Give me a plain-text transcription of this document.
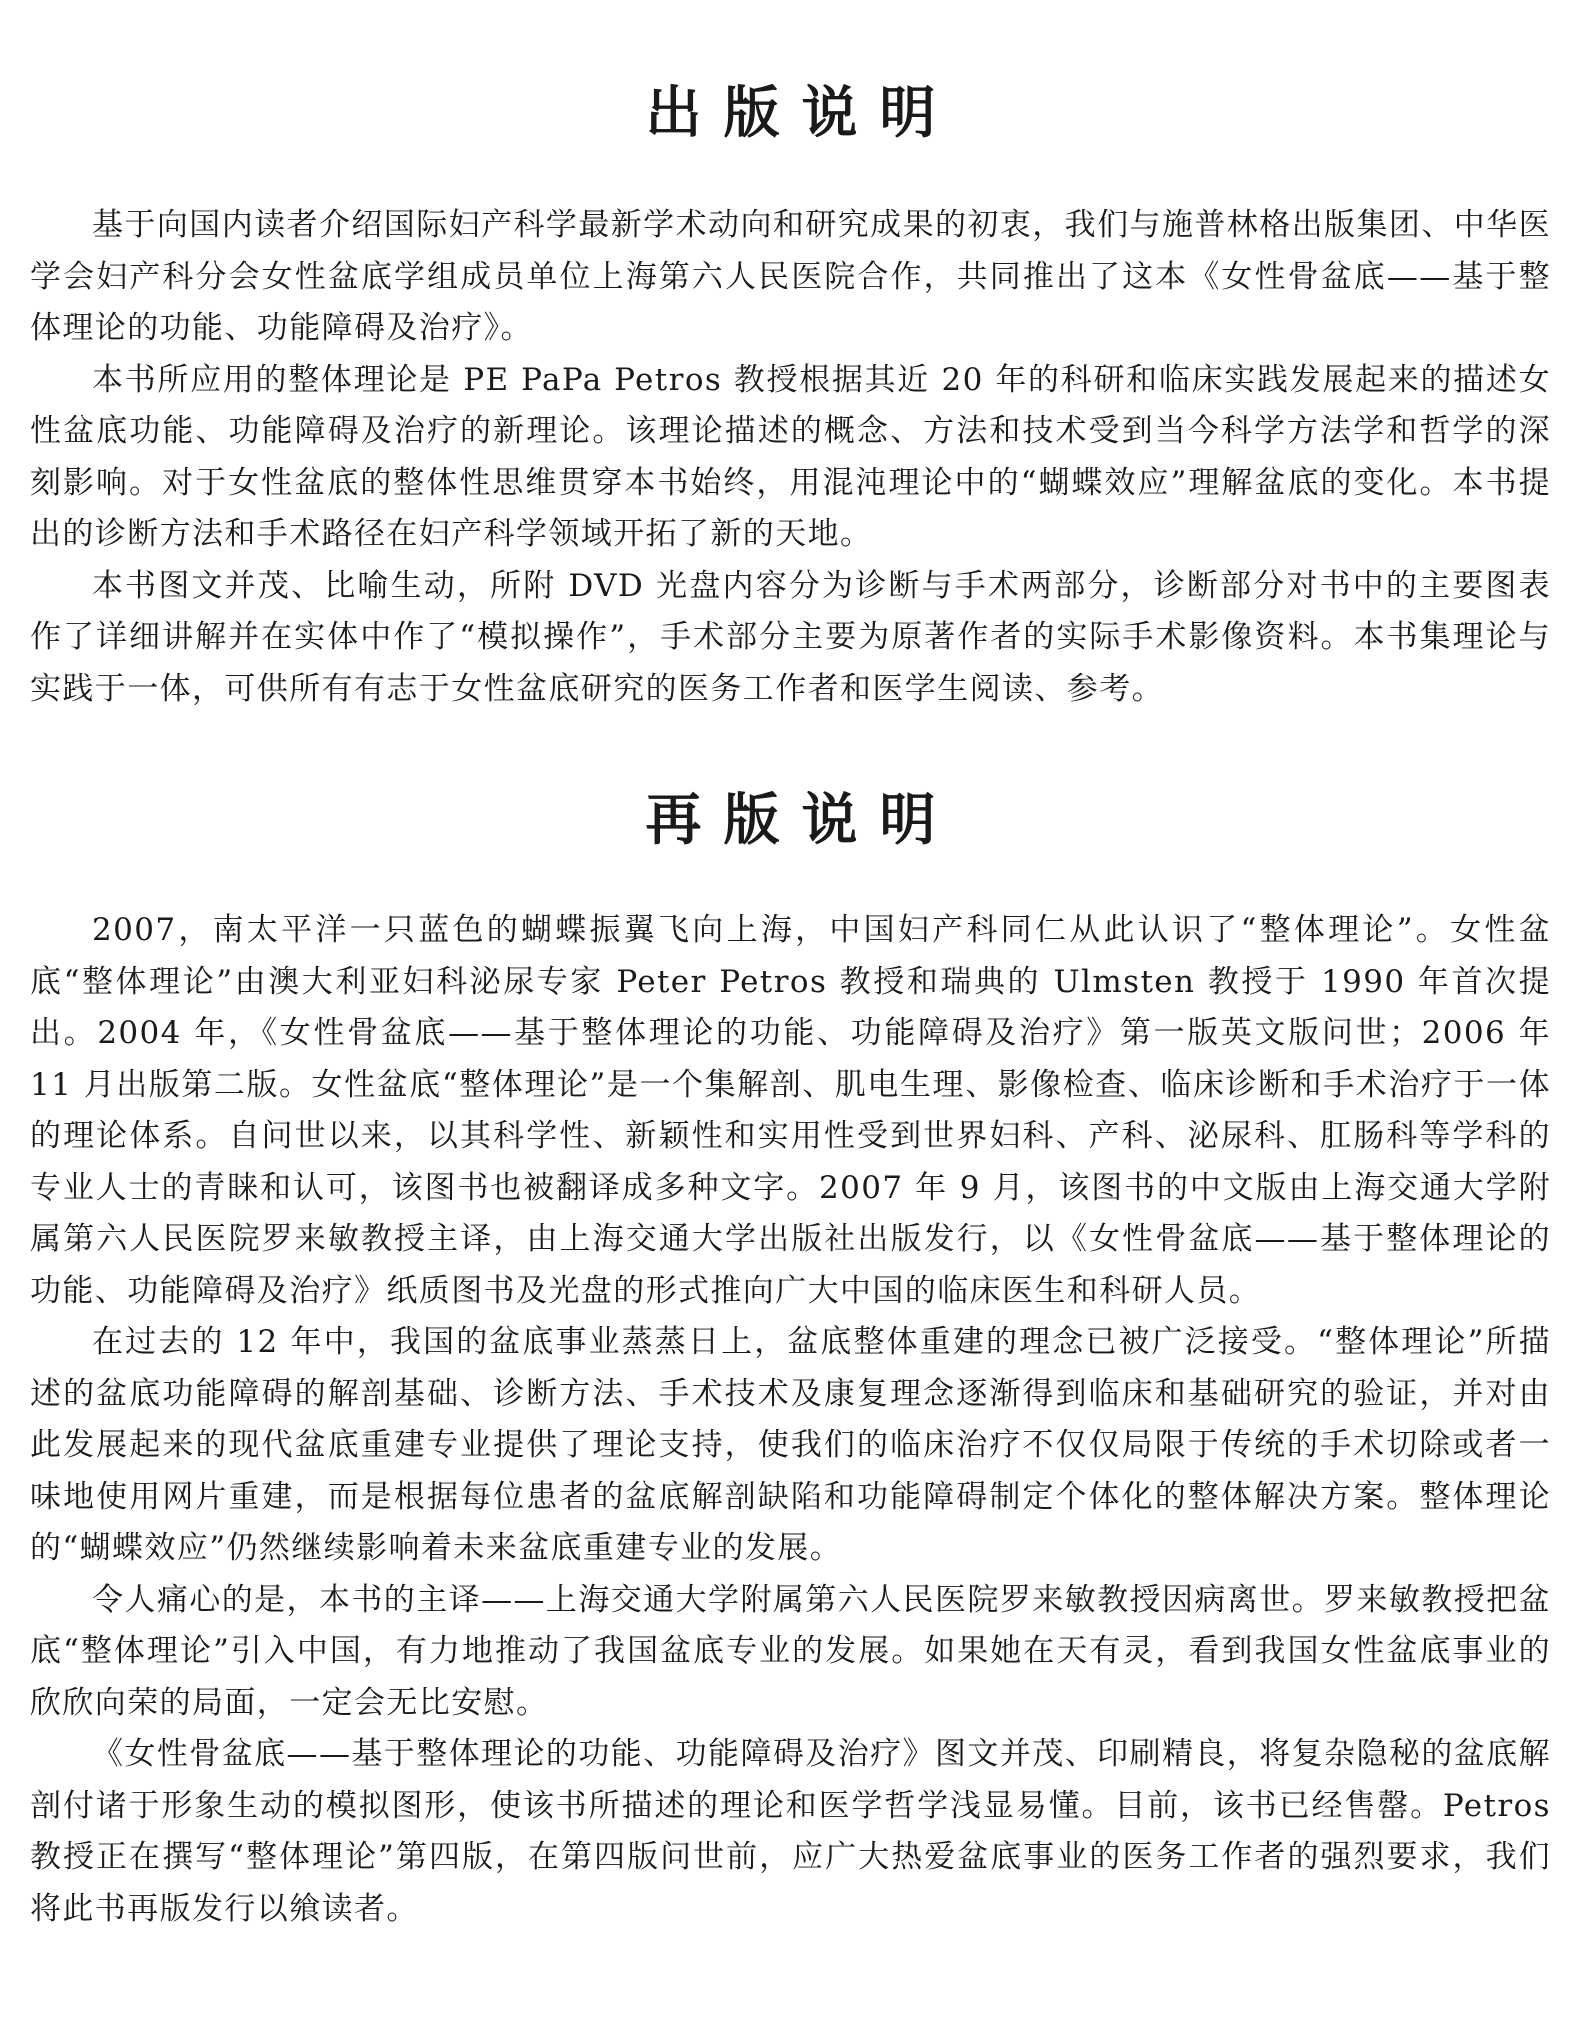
出版说明

基于向国内读者介绍国际妇产科学最新学术动向和研究成果的初衷，我们与施普林格出版集团、中华医学会妇产科分会女性盆底学组成员单位上海第六人民医院合作，共同推出了这本《女性骨盆底——基于整体理论的功能、功能障碍及治疗》。

本书所应用的整体理论是 PE PaPa Petros 教授根据其近 20 年的科研和临床实践发展起来的描述女性盆底功能、功能障碍及治疗的新理论。该理论描述的概念、方法和技术受到当今科学方法学和哲学的深刻影响。对于女性盆底的整体性思维贯穿本书始终，用混沌理论中的“蝴蝶效应”理解盆底的变化。本书提出的诊断方法和手术路径在妇产科学领域开拓了新的天地。

本书图文并茂、比喻生动，所附 DVD 光盘内容分为诊断与手术两部分，诊断部分对书中的主要图表作了详细讲解并在实体中作了“模拟操作”，手术部分主要为原著作者的实际手术影像资料。本书集理论与实践于一体，可供所有有志于女性盆底研究的医务工作者和医学生阅读、参考。

再版说明

2007，南太平洋一只蓝色的蝴蝶振翼飞向上海，中国妇产科同仁从此认识了“整体理论”。女性盆底“整体理论”由澳大利亚妇科泌尿专家 Peter Petros 教授和瑞典的 Ulmsten 教授于 1990 年首次提出。2004 年，《女性骨盆底——基于整体理论的功能、功能障碍及治疗》第一版英文版问世；2006 年 11 月出版第二版。女性盆底“整体理论”是一个集解剖、肌电生理、影像检查、临床诊断和手术治疗于一体的理论体系。自问世以来，以其科学性、新颖性和实用性受到世界妇科、产科、泌尿科、肛肠科等学科的专业人士的青睐和认可，该图书也被翻译成多种文字。2007 年 9 月，该图书的中文版由上海交通大学附属第六人民医院罗来敏教授主译，由上海交通大学出版社出版发行，以《女性骨盆底——基于整体理论的功能、功能障碍及治疗》纸质图书及光盘的形式推向广大中国的临床医生和科研人员。

在过去的 12 年中，我国的盆底事业蒸蒸日上，盆底整体重建的理念已被广泛接受。“整体理论”所描述的盆底功能障碍的解剖基础、诊断方法、手术技术及康复理念逐渐得到临床和基础研究的验证，并对由此发展起来的现代盆底重建专业提供了理论支持，使我们的临床治疗不仅仅局限于传统的手术切除或者一味地使用网片重建，而是根据每位患者的盆底解剖缺陷和功能障碍制定个体化的整体解决方案。整体理论的“蝴蝶效应”仍然继续影响着未来盆底重建专业的发展。

令人痛心的是，本书的主译——上海交通大学附属第六人民医院罗来敏教授因病离世。罗来敏教授把盆底“整体理论”引入中国，有力地推动了我国盆底专业的发展。如果她在天有灵，看到我国女性盆底事业的欣欣向荣的局面，一定会无比安慰。

《女性骨盆底——基于整体理论的功能、功能障碍及治疗》图文并茂、印刷精良，将复杂隐秘的盆底解剖付诸于形象生动的模拟图形，使该书所描述的理论和医学哲学浅显易懂。目前，该书已经售罄。Petros 教授正在撰写“整体理论”第四版，在第四版问世前，应广大热爱盆底事业的医务工作者的强烈要求，我们将此书再版发行以飨读者。
